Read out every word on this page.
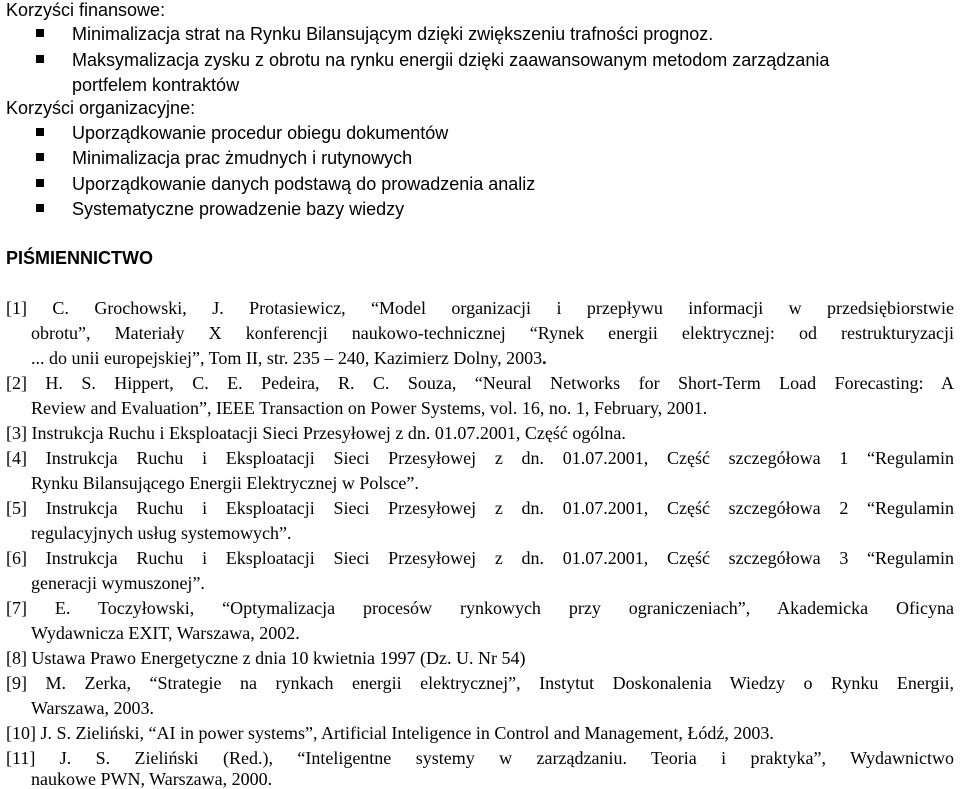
Korzyści finansowe:
Minimalizacja strat na Rynku Bilansującym dzięki zwiększeniu trafności prognoz.
Maksymalizacja zysku z obrotu na rynku energii dzięki zaawansowanym metodom zarządzania
portfelem kontraktów
Korzyści organizacyjne:
Uporządkowanie procedur obiegu dokumentów
Minimalizacja prac żmudnych i rutynowych
Uporządkowanie danych podstawą do prowadzenia analiz
Systematyczne prowadzenie bazy wiedzy
PIŚMIENNICTWO
[1] C. Grochowski, J. Protasiewicz, “Model organizacji i przepływu informacji w przedsiębiorstwie
obrotu”, Materiały X konferencji naukowo-technicznej “Rynek energii elektrycznej: od restrukturyzacji
... do unii europejskiej”, Tom II, str. 235 – 240, Kazimierz Dolny, 2003.
[2] H. S. Hippert, C. E. Pedeira, R. C. Souza, “Neural Networks for Short-Term Load Forecasting: A
Review and Evaluation”, IEEE Transaction on Power Systems, vol. 16, no. 1, February, 2001.
[3] Instrukcja Ruchu i Eksploatacji Sieci Przesyłowej z dn. 01.07.2001, Część ogólna.
[4] Instrukcja Ruchu i Eksploatacji Sieci Przesyłowej z dn. 01.07.2001, Część szczegółowa 1 “Regulamin
Rynku Bilansującego Energii Elektrycznej w Polsce”.
[5] Instrukcja Ruchu i Eksploatacji Sieci Przesyłowej z dn. 01.07.2001, Część szczegółowa 2 “Regulamin
regulacyjnych usług systemowych”.
[6] Instrukcja Ruchu i Eksploatacji Sieci Przesyłowej z dn. 01.07.2001, Część szczegółowa 3 “Regulamin
generacji wymuszonej”.
[7] E. Toczyłowski, “Optymalizacja procesów rynkowych przy ograniczeniach”, Akademicka Oficyna
Wydawnicza EXIT, Warszawa, 2002.
[8] Ustawa Prawo Energetyczne z dnia 10 kwietnia 1997 (Dz. U. Nr 54)
[9] M. Zerka, “Strategie na rynkach energii elektrycznej”, Instytut Doskonalenia Wiedzy o Rynku Energii,
Warszawa, 2003.
[10] J. S. Zieliński, “AI in power systems”, Artificial Inteligence in Control and Management, Łódź, 2003.
[11] J. S. Zieliński (Red.), “Inteligentne systemy w zarządzaniu. Teoria i praktyka”, Wydawnictwo
naukowe PWN, Warszawa, 2000.
